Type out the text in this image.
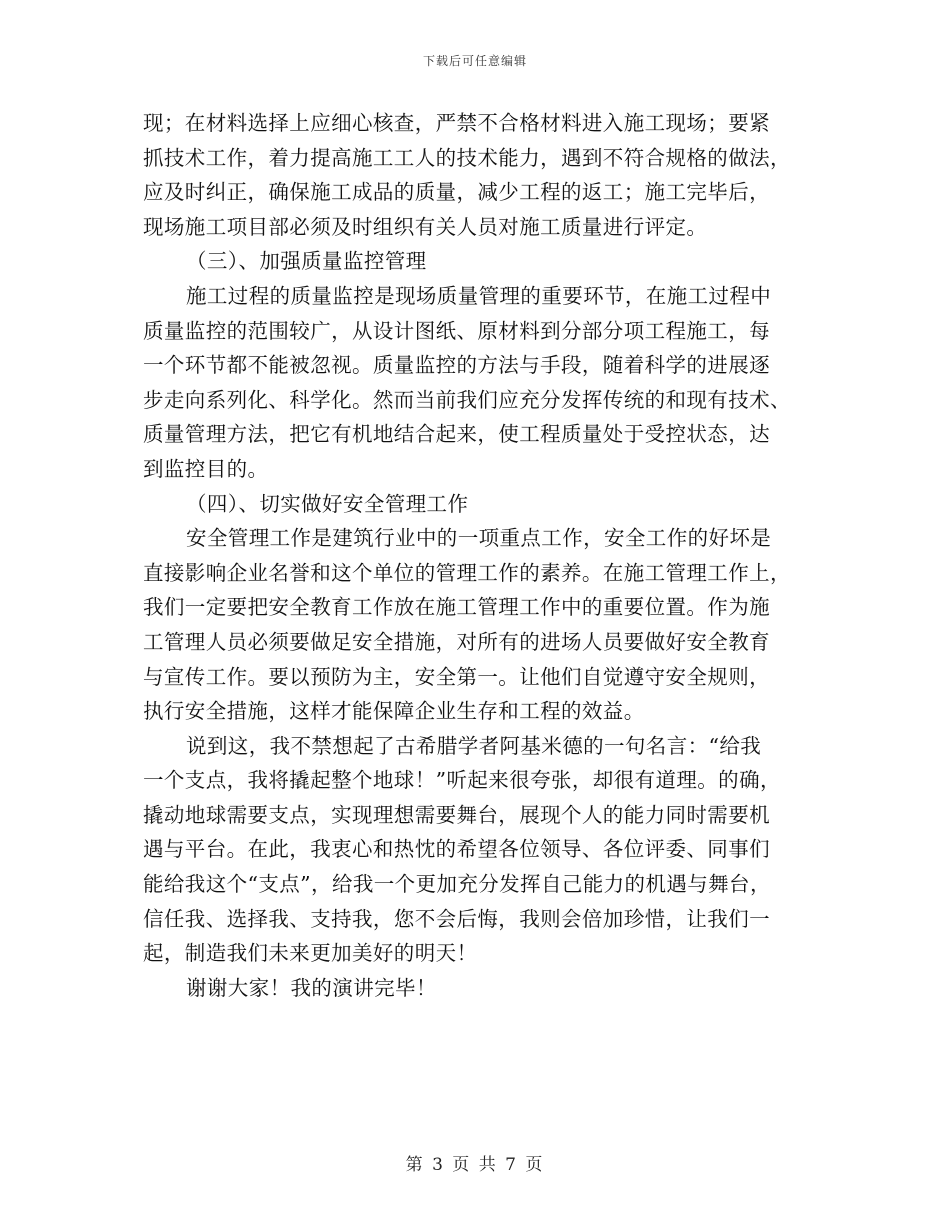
下载后可任意编辑
现；在材料选择上应细心核查，严禁不合格材料进入施工现场；要紧
抓技术工作，着力提高施工工人的技术能力，遇到不符合规格的做法，
应及时纠正，确保施工成品的质量，减少工程的返工；施工完毕后，
现场施工项目部必须及时组织有关人员对施工质量进行评定。
（三）、加强质量监控管理
施工过程的质量监控是现场质量管理的重要环节，在施工过程中
质量监控的范围较广，从设计图纸、原材料到分部分项工程施工，每
一个环节都不能被忽视。质量监控的方法与手段，随着科学的进展逐
步走向系列化、科学化。然而当前我们应充分发挥传统的和现有技术、
质量管理方法，把它有机地结合起来，使工程质量处于受控状态，达
到监控目的。
（四）、切实做好安全管理工作
安全管理工作是建筑行业中的一项重点工作，安全工作的好坏是
直接影响企业名誉和这个单位的管理工作的素养。在施工管理工作上，
我们一定要把安全教育工作放在施工管理工作中的重要位置。作为施
工管理人员必须要做足安全措施，对所有的进场人员要做好安全教育
与宣传工作。要以预防为主，安全第一。让他们自觉遵守安全规则，
执行安全措施，这样才能保障企业生存和工程的效益。
说到这，我不禁想起了古希腊学者阿基米德的一句名言：“给我
一个支点，我将撬起整个地球！”听起来很夸张，却很有道理。的确，
撬动地球需要支点，实现理想需要舞台，展现个人的能力同时需要机
遇与平台。在此，我衷心和热忱的希望各位领导、各位评委、同事们
能给我这个“支点”，给我一个更加充分发挥自己能力的机遇与舞台，
信任我、选择我、支持我，您不会后悔，我则会倍加珍惜，让我们一
起，制造我们未来更加美好的明天！
谢谢大家！我的演讲完毕！
第 3 页 共 7 页
